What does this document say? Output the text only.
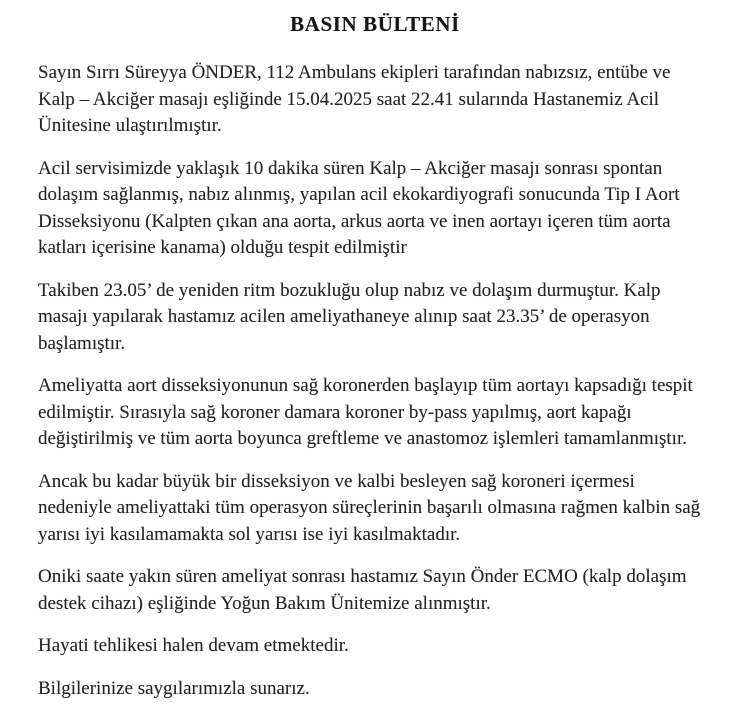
BASIN BÜLTENİ

Sayın Sırrı Süreyya ÖNDER, 112 Ambulans ekipleri tarafından nabızsız, entübe ve Kalp – Akciğer masajı eşliğinde 15.04.2025 saat 22.41 sularında Hastanemiz Acil Ünitesine ulaştırılmıştır.

Acil servisimizde yaklaşık 10 dakika süren Kalp – Akciğer masajı sonrası spontan dolaşım sağlanmış, nabız alınmış, yapılan acil ekokardiyografi sonucunda Tip I Aort Disseksiyonu (Kalpten çıkan ana aorta, arkus aorta ve inen aortayı içeren tüm aorta katları içerisine kanama) olduğu tespit edilmiştir

Takiben 23.05’ de yeniden ritm bozukluğu olup nabız ve dolaşım durmuştur. Kalp masajı yapılarak hastamız acilen ameliyathaneye alınıp saat 23.35’ de operasyon başlamıştır.

Ameliyatta aort disseksiyonunun sağ koronerden başlayıp tüm aortayı kapsadığı tespit edilmiştir. Sırasıyla sağ koroner damara koroner by-pass yapılmış, aort kapağı değiştirilmiş ve tüm aorta boyunca greftleme ve anastomoz işlemleri tamamlanmıştır.

Ancak bu kadar büyük bir disseksiyon ve kalbi besleyen sağ koroneri içermesi nedeniyle ameliyattaki tüm operasyon süreçlerinin başarılı olmasına rağmen kalbin sağ yarısı iyi kasılamamakta sol yarısı ise iyi kasılmaktadır.

Oniki saate yakın süren ameliyat sonrası hastamız Sayın Önder ECMO (kalp dolaşım destek cihazı) eşliğinde Yoğun Bakım Ünitemize alınmıştır.

Hayati tehlikesi halen devam etmektedir.

Bilgilerinize saygılarımızla sunarız.
